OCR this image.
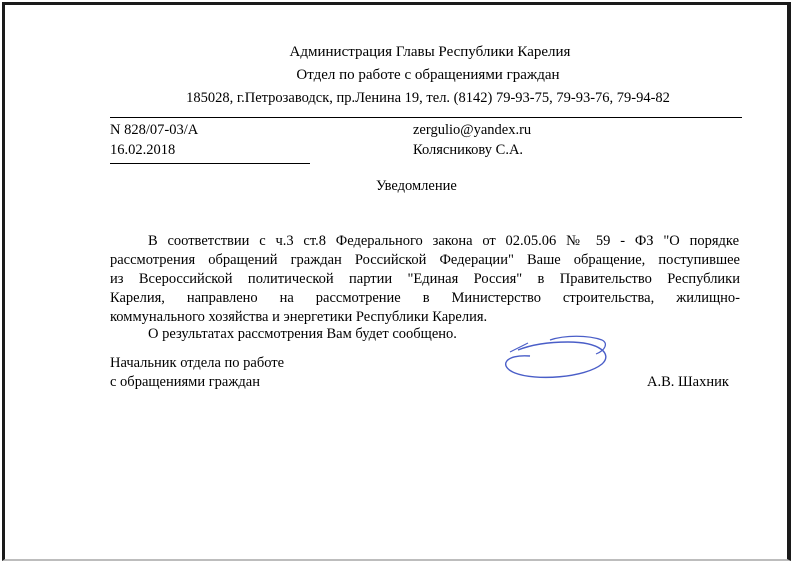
Администрация Главы Республики Карелия
Отдел по работе с обращениями граждан
185028, г.Петрозаводск, пр.Ленина 19, тел. (8142) 79-93-75, 79-93-76, 79-94-82
N 828/07-03/А
16.02.2018
zergulio@yandex.ru
Колясникову С.А.
Уведомление
В соответствии с ч.3 ст.8 Федерального закона от 02.05.06 № 59 - ФЗ "О порядке
рассмотрения обращений граждан Российской Федерации" Ваше обращение, поступившее
из Всероссийской политической партии "Единая Россия" в Правительство Республики
Карелия, направлено на рассмотрение в Министерство строительства, жилищно-
коммунального хозяйства и энергетики Республики Карелия.
О результатах рассмотрения Вам будет сообщено.
Начальник отдела по работе
с обращениями граждан	А.В. Шахник
